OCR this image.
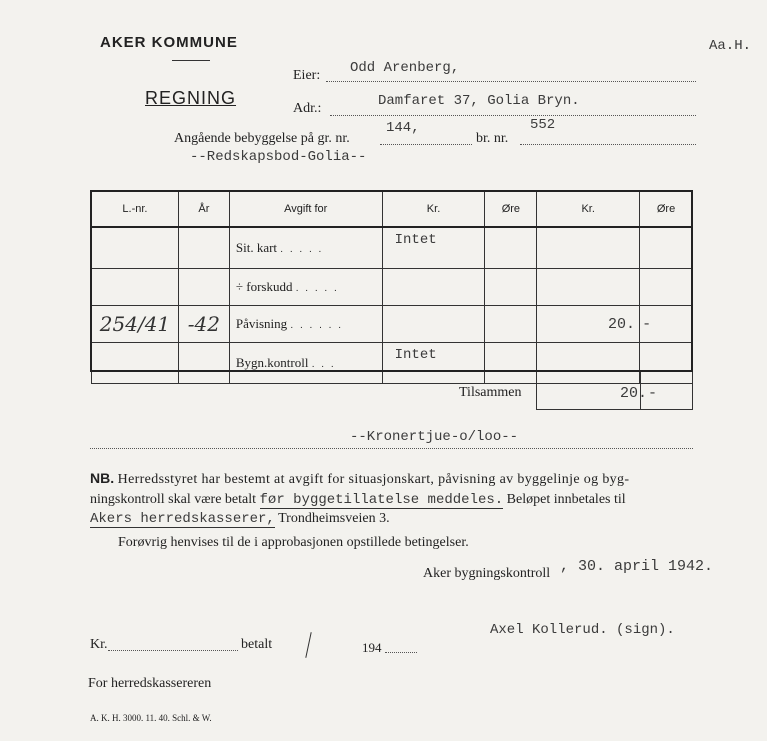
AKER KOMMUNE	Aa.H.
REGNING
Eier: Odd Arenberg,
Adr.:	Damfaret 37, Golia Bryn.
Angående bebyggelse på gr. nr.
144,
br. nr.
552
--Redskapsbod-Golia--
L.-nr.	År	Avgift for	Kr.	Øre	Kr.	Øre
		Sit. kart . . . . .	Intet			
		÷ forskudd . . . . .				
254/41	-42	Påvisning . . . . . .			20.	-
		Bygn.kontroll . . .	Intet			
Tilsammen	20. -
--Kronertjue-o/loo--
NB. Herredsstyret har bestemt at avgift for situasjonskart, påvisning av byggelinje og byg-
ningskontroll skal være betalt før byggetillatelse meddeles. Beløpet innbetales til
Akers herredskasserer, Trondheimsveien 3.
Forøvrig henvises til de i approbasjonen opstillede betingelser.
Aker bygningskontroll , 30. april 1942.
Axel Kollerud. (sign).
Kr.	betalt	194
For herredskassereren
A. K. H. 3000. 11. 40. Schl. & W.
